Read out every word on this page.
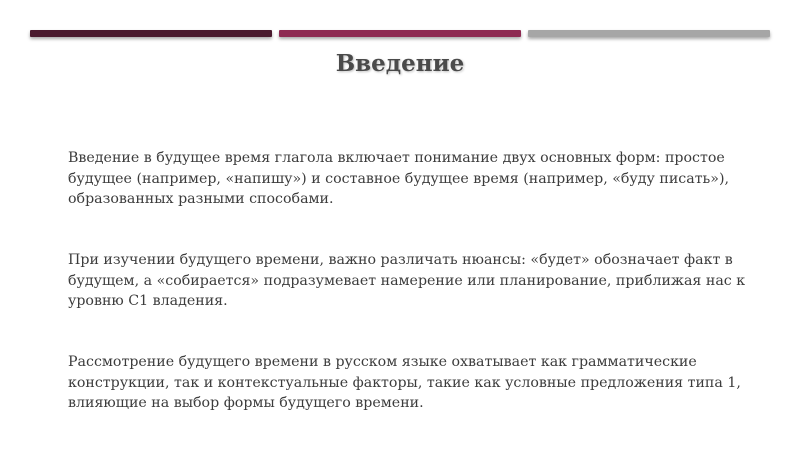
Введение

Введение в будущее время глагола включает понимание двух основных форм: простое будущее (например, «напишу») и составное будущее время (например, «буду писать»), образованных разными способами.

При изучении будущего времени, важно различать нюансы: «будет» обозначает факт в будущем, а «собирается» подразумевает намерение или планирование, приближая нас к уровню С1 владения.

Рассмотрение будущего времени в русском языке охватывает как грамматические конструкции, так и контекстуальные факторы, такие как условные предложения типа 1, влияющие на выбор формы будущего времени.
